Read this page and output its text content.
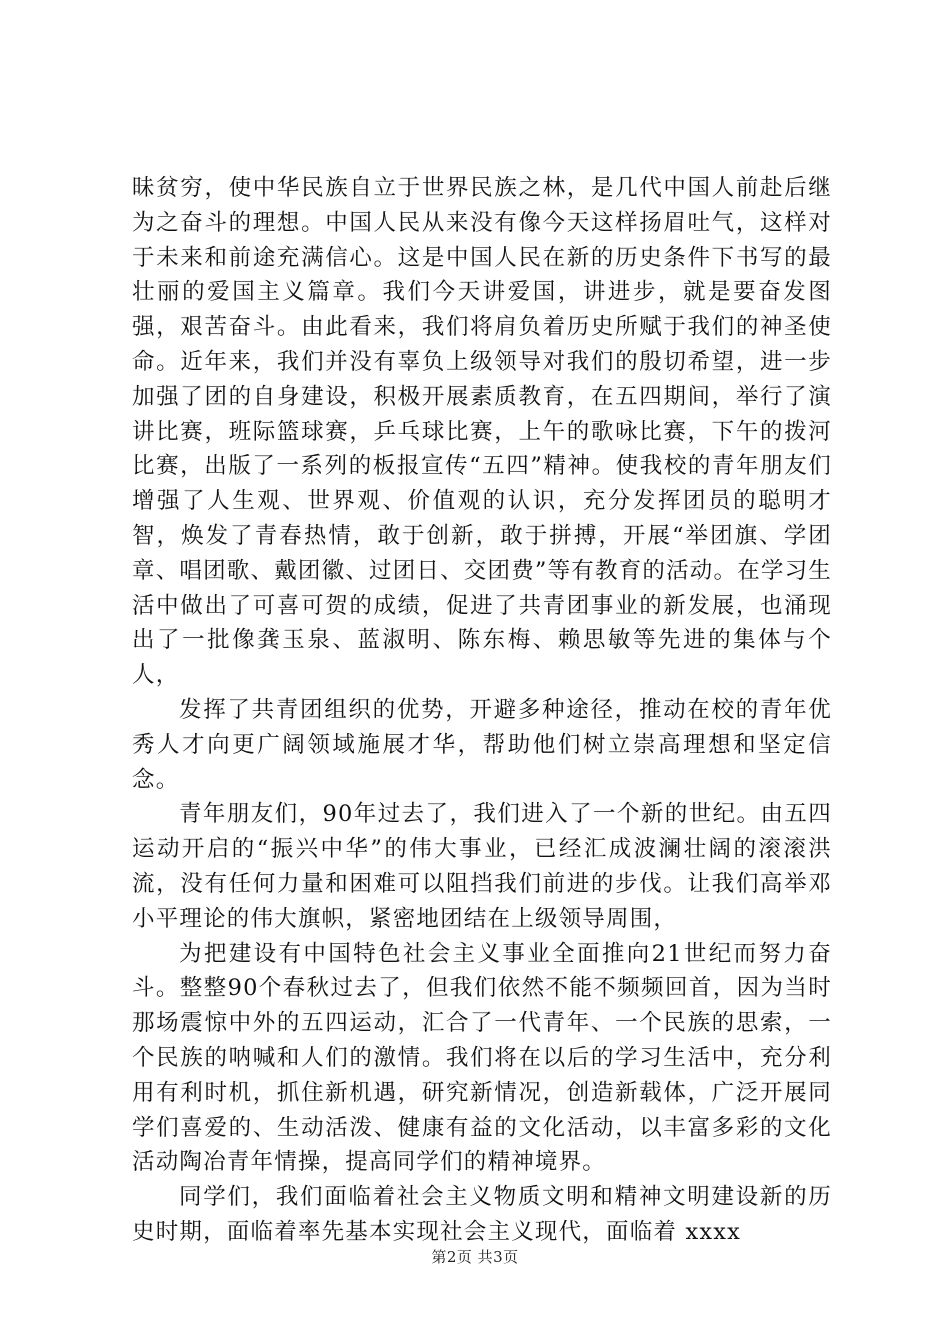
昧贫穷，使中华民族自立于世界民族之林，是几代中国人前赴后继为之奋斗的理想。中国人民从来没有像今天这样扬眉吐气，这样对于未来和前途充满信心。这是中国人民在新的历史条件下书写的最壮丽的爱国主义篇章。我们今天讲爱国，讲进步，就是要奋发图强，艰苦奋斗。由此看来，我们将肩负着历史所赋于我们的神圣使命。近年来，我们并没有辜负上级领导对我们的殷切希望，进一步加强了团的自身建设，积极开展素质教育，在五四期间，举行了演讲比赛，班际篮球赛，乒乓球比赛，上午的歌咏比赛，下午的拨河比赛，出版了一系列的板报宣传“五四”精神。使我校的青年朋友们增强了人生观、世界观、价值观的认识，充分发挥团员的聪明才智，焕发了青春热情，敢于创新，敢于拼搏，开展“举团旗、学团章、唱团歌、戴团徽、过团日、交团费”等有教育的活动。在学习生活中做出了可喜可贺的成绩，促进了共青团事业的新发展，也涌现出了一批像龚玉泉、蓝淑明、陈东梅、赖思敏等先进的集体与个人，

发挥了共青团组织的优势，开避多种途径，推动在校的青年优秀人才向更广阔领域施展才华，帮助他们树立崇高理想和坚定信念。

青年朋友们，90年过去了，我们进入了一个新的世纪。由五四运动开启的“振兴中华”的伟大事业，已经汇成波澜壮阔的滚滚洪流，没有任何力量和困难可以阻挡我们前进的步伐。让我们高举邓小平理论的伟大旗帜，紧密地团结在上级领导周围，

为把建设有中国特色社会主义事业全面推向21世纪而努力奋斗。整整90个春秋过去了，但我们依然不能不频频回首，因为当时那场震惊中外的五四运动，汇合了一代青年、一个民族的思索，一个民族的呐喊和人们的激情。我们将在以后的学习生活中，充分利用有利时机，抓住新机遇，研究新情况，创造新载体，广泛开展同学们喜爱的、生动活泼、健康有益的文化活动，以丰富多彩的文化活动陶冶青年情操，提高同学们的精神境界。

同学们，我们面临着社会主义物质文明和精神文明建设新的历史时期，面临着率先基本实现社会主义现代，面临着 xxxx

第2页 共3页
